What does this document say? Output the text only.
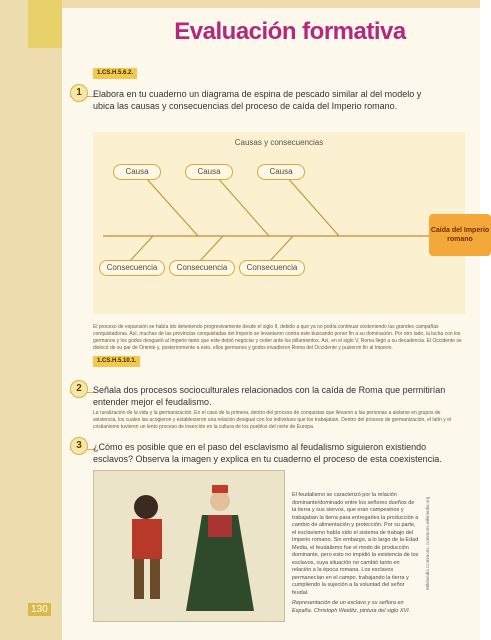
Evaluación formativa
1.CS.H.5.6.2.
1	Elabora en tu cuaderno un diagrama de espina de pescado similar al del modelo y ubica las causas y consecuencias del proceso de caída del Imperio romano.
Causas y consecuencias
Causa	Causa	Causa
Caída del Imperio romano
Consecuencia	Consecuencia	Consecuencia
El proceso de expansión se había ido deteniendo progresivamente desde el siglo II, debido a que ya no podía continuar sosteniendo las grandes campañas conquistadoras. Así, muchas de las provincias conquistadas del Imperio se levantaron contra este buscando poner fin a su dominación. Por otro lado, la lucha con los germanos y los godos desgastó al Imperio tanto que este debió negociar y ceder ante los pillamientos. Así, en el siglo V, Roma llegó a su decadencia. El Occidente se dislocó de su par de Oriente y, posteriormente a esto, ellos germanos y godos invadieron Roma del Occidente y pusieron fin al Imperio.
1.CS.H.5.10.1.
2	Señala dos procesos socioculturales relacionados con la caída de Roma que permitirían entender mejor el feudalismo.
La ruralización de la vida y la germanización. En el caso de la primera, dentro del proceso de conquistas que llevaron a las personas a aislarse en grupos de asistencia, los cuales las acogieron y establecieron una relación desigual con los individuos que los trabajaban. Dentro del proceso de germanización, el latín y el cristianismo tuvieron un lento proceso de inserción en la cultura de los pueblos del norte de Europa.
3	¿Cómo es posible que en el paso del esclavismo al feudalismo siguieron existiendo esclavos? Observa la imagen y explica en tu cuaderno el proceso de esta coexistencia.
El feudalismo se caracterizó por la relación dominante/dominado entre los señores dueños de la tierra y sus siervos, que eran campesinos y trabajaban la tierra para entregarles la producción a cambio de alimentación y protección. Por su parte, el esclavismo había sido el sistema de trabajo del Imperio romano. Sin embargo, a lo largo de la Edad Media, el feudalismo fue el modo de producción dominante, pero esto no impidió la existencia de los esclavos, cuya situación no cambió tanto en relación a la época romana. Los esclavos permanecían en el campo, trabajando la tierra y cumpliendo la sujeción a la voluntad del señor feudal.
Representación de un esclavo y su señora en España. Christoph Weiditz, pintura del siglo XVI.
Wikimedia Commons, commons.wikimedia.org
130
